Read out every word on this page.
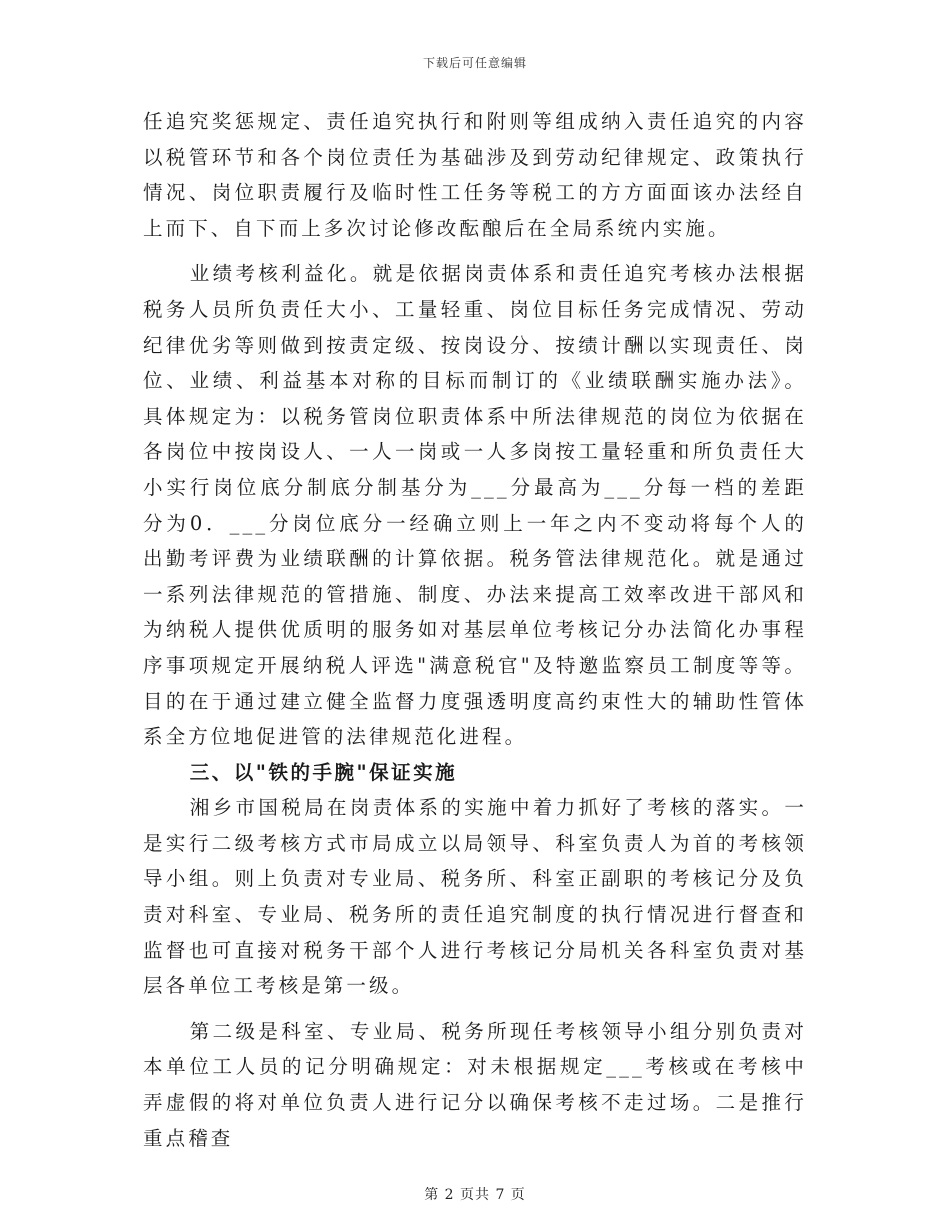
下载后可任意编辑

任追究奖惩规定、责任追究执行和附则等组成纳入责任追究的内容以税管环节和各个岗位责任为基础涉及到劳动纪律规定、政策执行情况、岗位职责履行及临时性工任务等税工的方方面面该办法经自上而下、自下而上多次讨论修改酝酿后在全局系统内实施。

业绩考核利益化。就是依据岗责体系和责任追究考核办法根据税务人员所负责任大小、工量轻重、岗位目标任务完成情况、劳动纪律优劣等则做到按责定级、按岗设分、按绩计酬以实现责任、岗位、业绩、利益基本对称的目标而制订的《业绩联酬实施办法》。具体规定为：以税务管岗位职责体系中所法律规范的岗位为依据在各岗位中按岗设人、一人一岗或一人多岗按工量轻重和所负责任大小实行岗位底分制底分制基分为___分最高为___分每一档的差距分为0．___分岗位底分一经确立则上一年之内不变动将每个人的出勤考评费为业绩联酬的计算依据。税务管法律规范化。就是通过一系列法律规范的管措施、制度、办法来提高工效率改进干部风和为纳税人提供优质明的服务如对基层单位考核记分办法简化办事程序事项规定开展纳税人评选"满意税官"及特邀监察员工制度等等。目的在于通过建立健全监督力度强透明度高约束性大的辅助性管体系全方位地促进管的法律规范化进程。

三、以"铁的手腕"保证实施

湘乡市国税局在岗责体系的实施中着力抓好了考核的落实。一是实行二级考核方式市局成立以局领导、科室负责人为首的考核领导小组。则上负责对专业局、税务所、科室正副职的考核记分及负责对科室、专业局、税务所的责任追究制度的执行情况进行督查和监督也可直接对税务干部个人进行考核记分局机关各科室负责对基层各单位工考核是第一级。

第二级是科室、专业局、税务所现任考核领导小组分别负责对本单位工人员的记分明确规定：对未根据规定___考核或在考核中弄虚假的将对单位负责人进行记分以确保考核不走过场。二是推行重点稽查

第 2 页共 7 页
